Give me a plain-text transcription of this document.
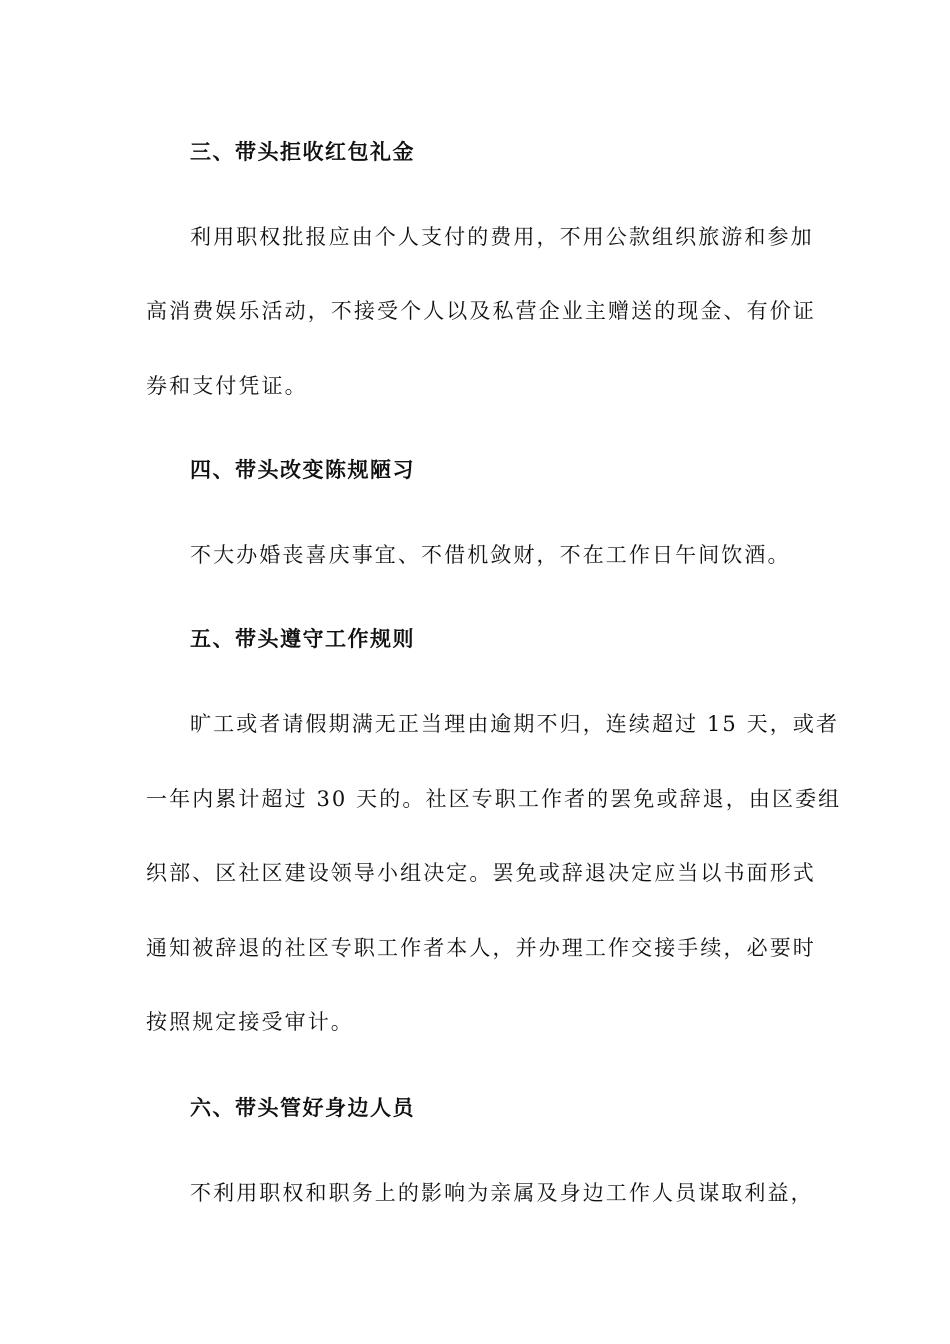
三、带头拒收红包礼金
利用职权批报应由个人支付的费用，不用公款组织旅游和参加
高消费娱乐活动，不接受个人以及私营企业主赠送的现金、有价证
券和支付凭证。
四、带头改变陈规陋习
不大办婚丧喜庆事宜、不借机敛财，不在工作日午间饮酒。
五、带头遵守工作规则
旷工或者请假期满无正当理由逾期不归，连续超过 15 天，或者
一年内累计超过 30 天的。社区专职工作者的罢免或辞退，由区委组
织部、区社区建设领导小组决定。罢免或辞退决定应当以书面形式
通知被辞退的社区专职工作者本人，并办理工作交接手续，必要时
按照规定接受审计。
六、带头管好身边人员
不利用职权和职务上的影响为亲属及身边工作人员谋取利益，
